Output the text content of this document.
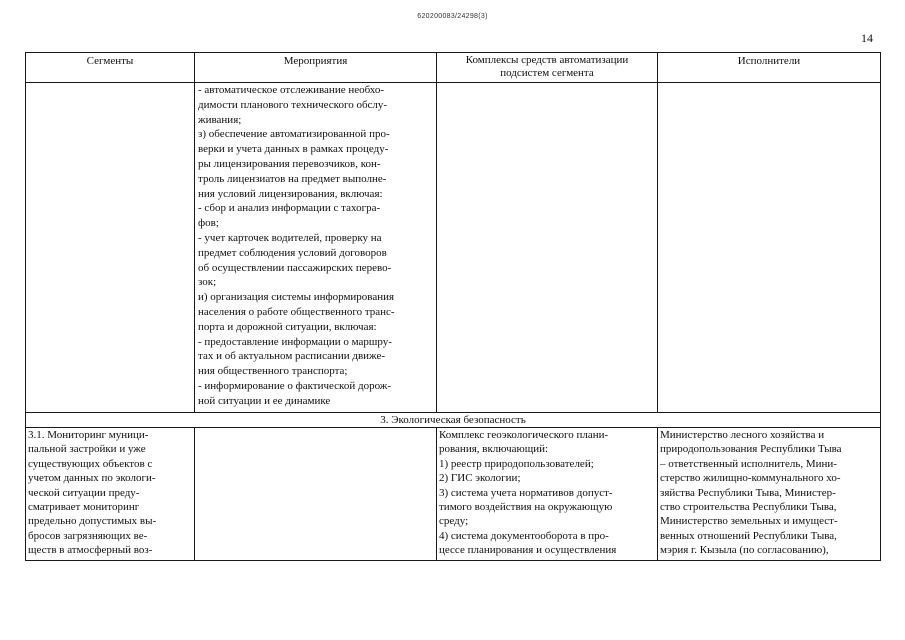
620200083/24298(3)
14
Сегменты	Мероприятия	Комплексы средств автоматизации подсистем сегмента
Исполнители
- автоматическое отслеживание необхо-
димости планового технического обслу-
живания;
з) обеспечение автоматизированной про-
верки и учета данных в рамках процеду-
ры лицензирования перевозчиков, кон-
троль лицензиатов на предмет выполне-
ния условий лицензирования, включая:
- сбор и анализ информации с тахогра-
фов;
- учет карточек водителей, проверку на
предмет соблюдения условий договоров
об осуществлении пассажирских перево-
зок;
и) организация системы информирования
населения о работе общественного транс-
порта и дорожной ситуации, включая:
- предоставление информации о маршру-
тах и об актуальном расписании движе-
ния общественного транспорта;
- информирование о фактической дорож-
ной ситуации и ее динамике
3. Экологическая безопасность
3.1. Мониторинг муници-
пальной застройки и уже
существующих объектов с
учетом данных по экологи-
ческой ситуации преду-
сматривает мониторинг
предельно допустимых вы-
бросов загрязняющих ве-
ществ в атмосферный воз-
Комплекс геоэкологического плани-
рования, включающий:
1) реестр природопользователей;
2) ГИС экологии;
3) система учета нормативов допуст-
тимого воздействия на окружающую
среду;
4) система документооборота в про-
цессе планирования и осуществления
Министерство лесного хозяйства и
природопользования Республики Тыва
– ответственный исполнитель, Мини-
стерство жилищно-коммунального хо-
зяйства Республики Тыва, Министер-
ство строительства Республики Тыва,
Министерство земельных и имущест-
венных отношений Республики Тыва,
мэрия г. Кызыла (по согласованию),
